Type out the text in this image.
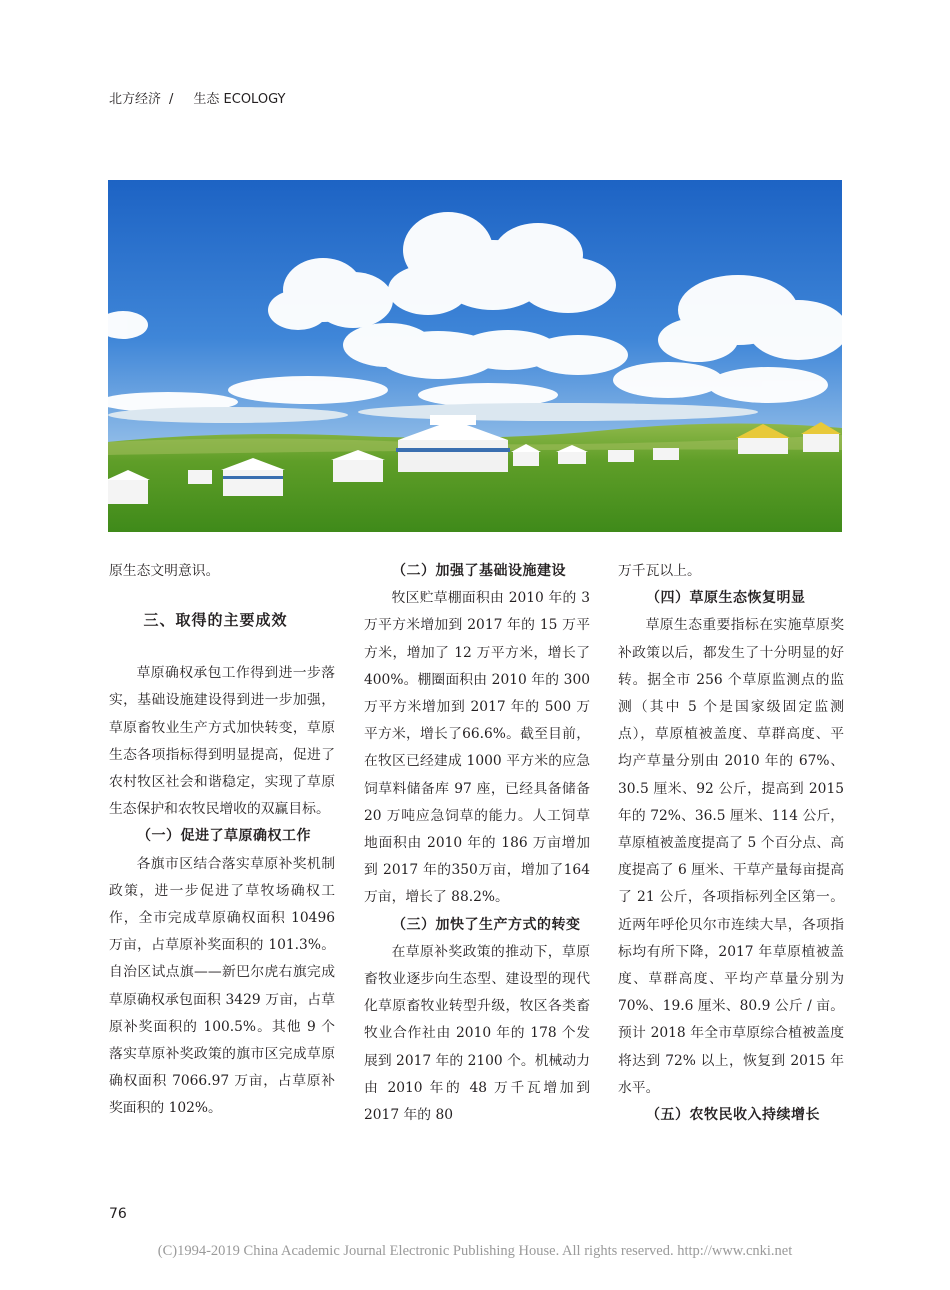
北方经济 / 生态 ECOLOGY

原生态文明意识。

三、取得的主要成效

草原确权承包工作得到进一步落实，基础设施建设得到进一步加强，草原畜牧业生产方式加快转变，草原生态各项指标得到明显提高，促进了农村牧区社会和谐稳定，实现了草原生态保护和农牧民增收的双赢目标。

（一）促进了草原确权工作

各旗市区结合落实草原补奖机制政策，进一步促进了草牧场确权工作，全市完成草原确权面积 10496 万亩，占草原补奖面积的 101.3%。自治区试点旗——新巴尔虎右旗完成草原确权承包面积 3429 万亩，占草原补奖面积的 100.5%。其他 9 个落实草原补奖政策的旗市区完成草原确权面积 7066.97 万亩，占草原补奖面积的 102%。

（二）加强了基础设施建设

牧区贮草棚面积由 2010 年的 3 万平方米增加到 2017 年的 15 万平方米，增加了 12 万平方米，增长了400%。棚圈面积由 2010 年的 300 万平方米增加到 2017 年的 500 万平方米，增长了66.6%。截至目前，在牧区已经建成 1000 平方米的应急饲草料储备库 97 座，已经具备储备 20 万吨应急饲草的能力。人工饲草地面积由 2010 年的 186 万亩增加到 2017 年的350万亩，增加了164万亩，增长了 88.2%。

（三）加快了生产方式的转变

在草原补奖政策的推动下，草原畜牧业逐步向生态型、建设型的现代化草原畜牧业转型升级，牧区各类畜牧业合作社由 2010 年的 178 个发展到 2017 年的 2100 个。机械动力由 2010 年的 48 万千瓦增加到 2017 年的 80

万千瓦以上。

（四）草原生态恢复明显

草原生态重要指标在实施草原奖补政策以后，都发生了十分明显的好转。据全市 256 个草原监测点的监测（其中 5 个是国家级固定监测点），草原植被盖度、草群高度、平均产草量分别由 2010 年的 67%、30.5 厘米、92 公斤，提高到 2015 年的 72%、36.5 厘米、114 公斤，草原植被盖度提高了 5 个百分点、高度提高了 6 厘米、干草产量每亩提高了 21 公斤，各项指标列全区第一。近两年呼伦贝尔市连续大旱，各项指标均有所下降，2017 年草原植被盖度、草群高度、平均产草量分别为 70%、19.6 厘米、80.9 公斤 / 亩。预计 2018 年全市草原综合植被盖度将达到 72% 以上，恢复到 2015 年水平。

（五）农牧民收入持续增长
76
(C)1994-2019 China Academic Journal Electronic Publishing House. All rights reserved. http://www.cnki.net
